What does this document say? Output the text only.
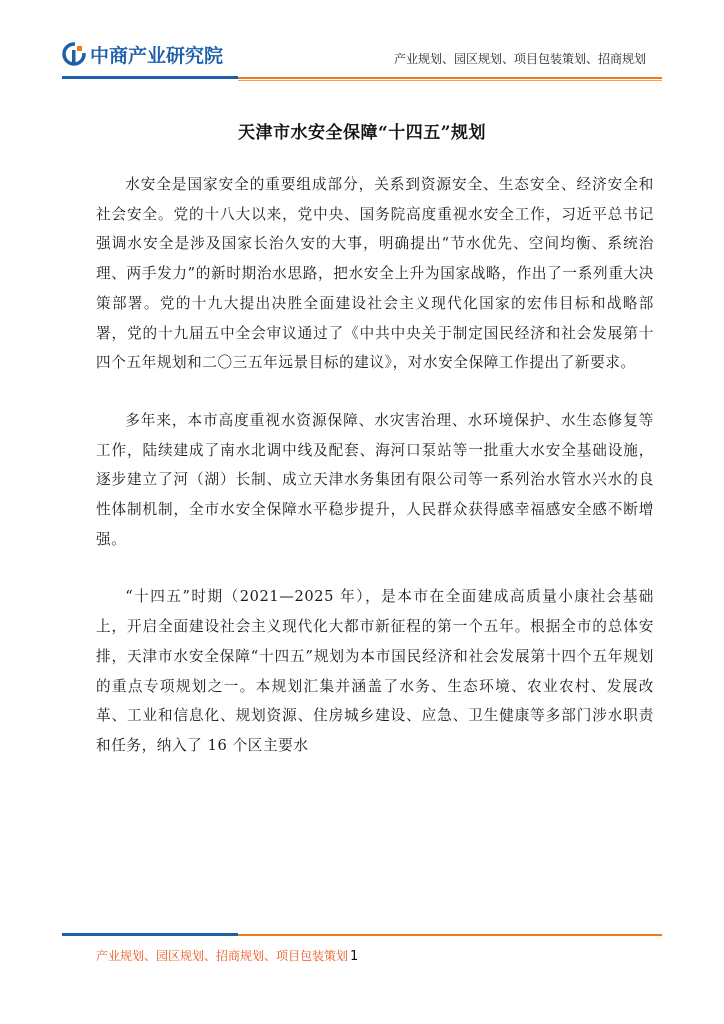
中商产业研究院	产业规划、园区规划、项目包装策划、招商规划
天津市水安全保障“十四五”规划

水安全是国家安全的重要组成部分，关系到资源安全、生态安全、经济安全和社会安全。党的十八大以来，党中央、国务院高度重视水安全工作，习近平总书记强调水安全是涉及国家长治久安的大事，明确提出“节水优先、空间均衡、系统治理、两手发力”的新时期治水思路，把水安全上升为国家战略，作出了一系列重大决策部署。党的十九大提出决胜全面建设社会主义现代化国家的宏伟目标和战略部署，党的十九届五中全会审议通过了《中共中央关于制定国民经济和社会发展第十四个五年规划和二〇三五年远景目标的建议》，对水安全保障工作提出了新要求。

多年来，本市高度重视水资源保障、水灾害治理、水环境保护、水生态修复等工作，陆续建成了南水北调中线及配套、海河口泵站等一批重大水安全基础设施，逐步建立了河（湖）长制、成立天津水务集团有限公司等一系列治水管水兴水的良性体制机制，全市水安全保障水平稳步提升，人民群众获得感幸福感安全感不断增强。

“十四五”时期（2021—2025 年），是本市在全面建成高质量小康社会基础上，开启全面建设社会主义现代化大都市新征程的第一个五年。根据全市的总体安排，天津市水安全保障“十四五”规划为本市国民经济和社会发展第十四个五年规划的重点专项规划之一。本规划汇集并涵盖了水务、生态环境、农业农村、发展改革、工业和信息化、规划资源、住房城乡建设、应急、卫生健康等多部门涉水职责和任务，纳入了 16 个区主要水

产业规划、园区规划、招商规划、项目包装策划 1
